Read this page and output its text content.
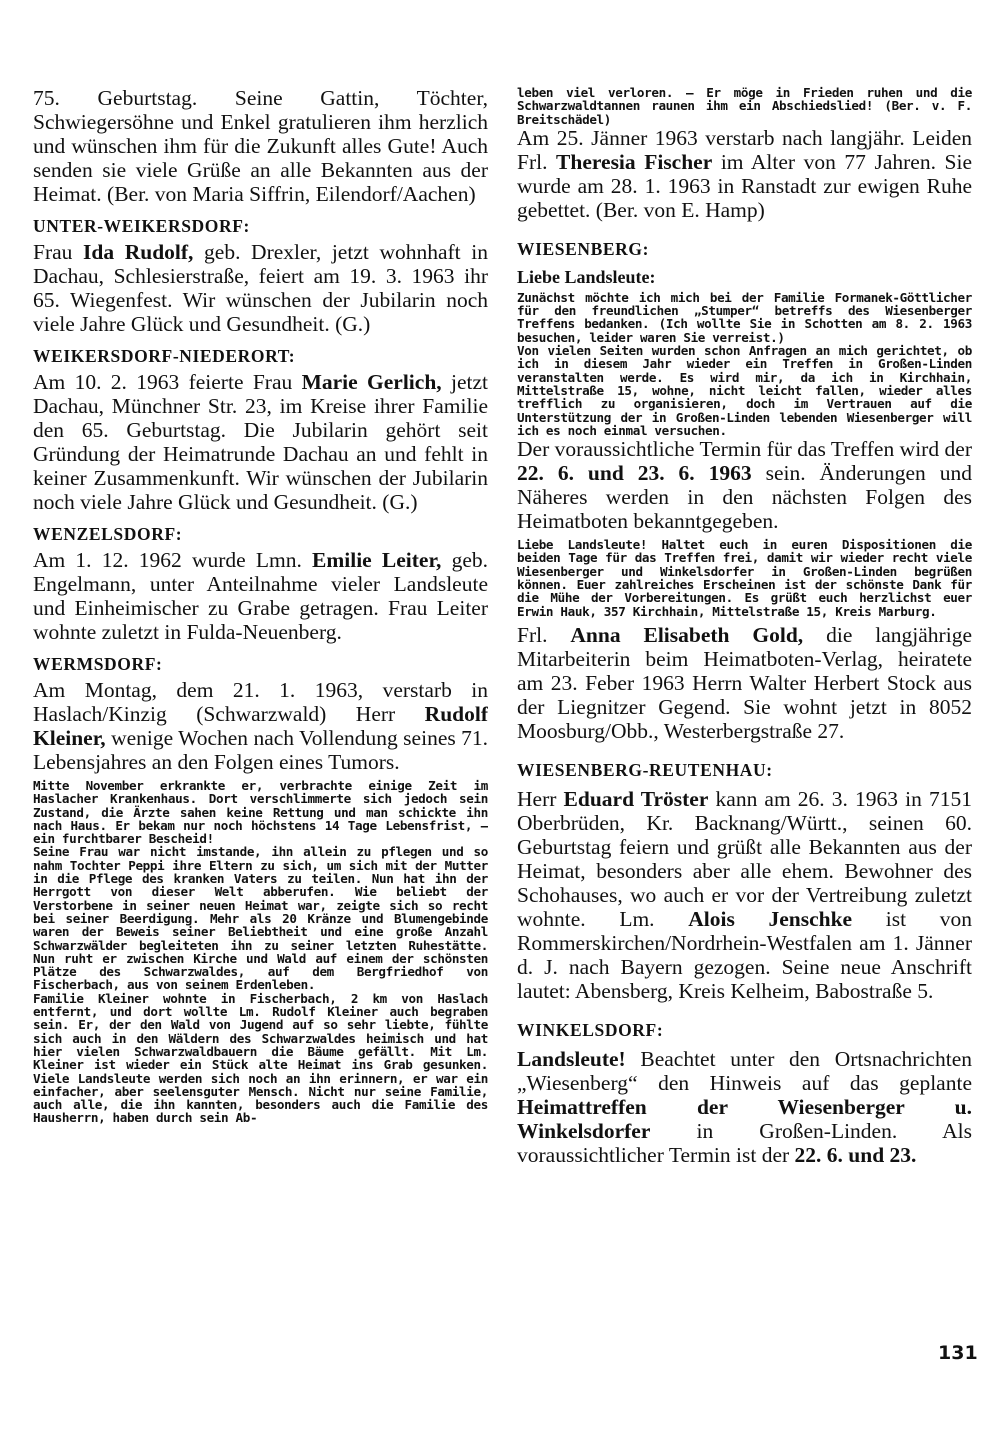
75. Geburtstag. Seine Gattin, Töchter, Schwiegersöhne und Enkel gratulieren ihm herzlich und wünschen ihm für die Zukunft alles Gute! Auch senden sie viele Grüße an alle Bekannten aus der Heimat. (Ber. von Maria Siffrin, Eilendorf/Aachen)

UNTER-WEIKERSDORF:

Frau Ida Rudolf, geb. Drexler, jetzt wohnhaft in Dachau, Schlesierstraße, feiert am 19. 3. 1963 ihr 65. Wiegenfest. Wir wünschen der Jubilarin noch viele Jahre Glück und Gesundheit. (G.)

WEIKERSDORF-NIEDERORT:

Am 10. 2. 1963 feierte Frau Marie Gerlich, jetzt Dachau, Münchner Str. 23, im Kreise ihrer Familie den 65. Geburtstag. Die Jubilarin gehört seit Gründung der Heimatrunde Dachau an und fehlt in keiner Zusammenkunft. Wir wünschen der Jubilarin noch viele Jahre Glück und Gesundheit. (G.)

WENZELSDORF:

Am 1. 12. 1962 wurde Lmn. Emilie Leiter, geb. Engelmann, unter Anteilnahme vieler Landsleute und Einheimischer zu Grabe getragen. Frau Leiter wohnte zuletzt in Fulda-Neuenberg.

WERMSDORF:

Am Montag, dem 21. 1. 1963, verstarb in Haslach/Kinzig (Schwarzwald) Herr Rudolf Kleiner, wenige Wochen nach Vollendung seines 71. Lebensjahres an den Folgen eines Tumors.

Mitte November erkrankte er, verbrachte einige Zeit im Haslacher Krankenhaus. Dort verschlimmerte sich jedoch sein Zustand, die Ärzte sahen keine Rettung und man schickte ihn nach Haus. Er bekam nur noch höchstens 14 Tage Lebensfrist, — ein furchtbarer Bescheid!

Seine Frau war nicht imstande, ihn allein zu pflegen und so nahm Tochter Peppi ihre Eltern zu sich, um sich mit der Mutter in die Pflege des kranken Vaters zu teilen. Nun hat ihn der Herrgott von dieser Welt abberufen. Wie beliebt der Verstorbene in seiner neuen Heimat war, zeigte sich so recht bei seiner Beerdigung. Mehr als 20 Kränze und Blumengebinde waren der Beweis seiner Beliebtheit und eine große Anzahl Schwarzwälder begleiteten ihn zu seiner letzten Ruhestätte. Nun ruht er zwischen Kirche und Wald auf einem der schönsten Plätze des Schwarzwaldes, auf dem Bergfriedhof von Fischerbach, aus von seinem Erdenleben.

Familie Kleiner wohnte in Fischerbach, 2 km von Haslach entfernt, und dort wollte Lm. Rudolf Kleiner auch begraben sein. Er, der den Wald von Jugend auf so sehr liebte, fühlte sich auch in den Wäldern des Schwarzwaldes heimisch und hat hier vielen Schwarzwaldbauern die Bäume gefällt. Mit Lm. Kleiner ist wieder ein Stück alte Heimat ins Grab gesunken. Viele Landsleute werden sich noch an ihn erinnern, er war ein einfacher, aber seelensguter Mensch. Nicht nur seine Familie, auch alle, die ihn kannten, besonders auch die Familie des Hausherrn, haben durch sein Ab-

leben viel verloren. — Er möge in Frieden ruhen und die Schwarzwaldtannen raunen ihm ein Abschiedslied! (Ber. v. F. Breitschädel)

Am 25. Jänner 1963 verstarb nach langjähr. Leiden Frl. Theresia Fischer im Alter von 77 Jahren. Sie wurde am 28. 1. 1963 in Ranstadt zur ewigen Ruhe gebettet. (Ber. von E. Hamp)

WIESENBERG:
Liebe Landsleute:

Zunächst möchte ich mich bei der Familie Formanek-Göttlicher für den freundlichen „Stumper“ betreffs des Wiesenberger Treffens bedanken. (Ich wollte Sie in Schotten am 8. 2. 1963 besuchen, leider waren Sie verreist.)

Von vielen Seiten wurden schon Anfragen an mich gerichtet, ob ich in diesem Jahr wieder ein Treffen in Großen-Linden veranstalten werde. Es wird mir, da ich in Kirchhain, Mittelstraße 15, wohne, nicht leicht fallen, wieder alles trefflich zu organisieren, doch im Vertrauen auf die Unterstützung der in Großen-Linden lebenden Wiesenberger will ich es noch einmal versuchen.

Der voraussichtliche Termin für das Treffen wird der 22. 6. und 23. 6. 1963 sein. Änderungen und Näheres werden in den nächsten Folgen des Heimatboten bekanntgegeben.

Liebe Landsleute! Haltet euch in euren Dispositionen die beiden Tage für das Treffen frei, damit wir wieder recht viele Wiesenberger und Winkelsdorfer in Großen-Linden begrüßen können. Euer zahlreiches Erscheinen ist der schönste Dank für die Mühe der Vorbereitungen. Es grüßt euch herzlichst euer Erwin Hauk, 357 Kirchhain, Mittelstraße 15, Kreis Marburg.

Frl. Anna Elisabeth Gold, die langjährige Mitarbeiterin beim Heimatboten-Verlag, heiratete am 23. Feber 1963 Herrn Walter Herbert Stock aus der Liegnitzer Gegend. Sie wohnt jetzt in 8052 Moosburg/Obb., Westerbergstraße 27.

WIESENBERG-REUTENHAU:

Herr Eduard Tröster kann am 26. 3. 1963 in 7151 Oberbrüden, Kr. Backnang/Württ., seinen 60. Geburtstag feiern und grüßt alle Bekannten aus der Heimat, besonders aber alle ehem. Bewohner des Schohauses, wo auch er vor der Vertreibung zuletzt wohnte. Lm. Alois Jenschke ist von Rommerskirchen/Nordrhein-Westfalen am 1. Jänner d. J. nach Bayern gezogen. Seine neue Anschrift lautet: Abensberg, Kreis Kelheim, Babostraße 5.

WINKELSDORF:

Landsleute! Beachtet unter den Ortsnachrichten „Wiesenberg“ den Hinweis auf das geplante Heimattreffen der Wiesenberger u. Winkelsdorfer in Großen-Linden. Als voraussichtlicher Termin ist der 22. 6. und 23.

131
